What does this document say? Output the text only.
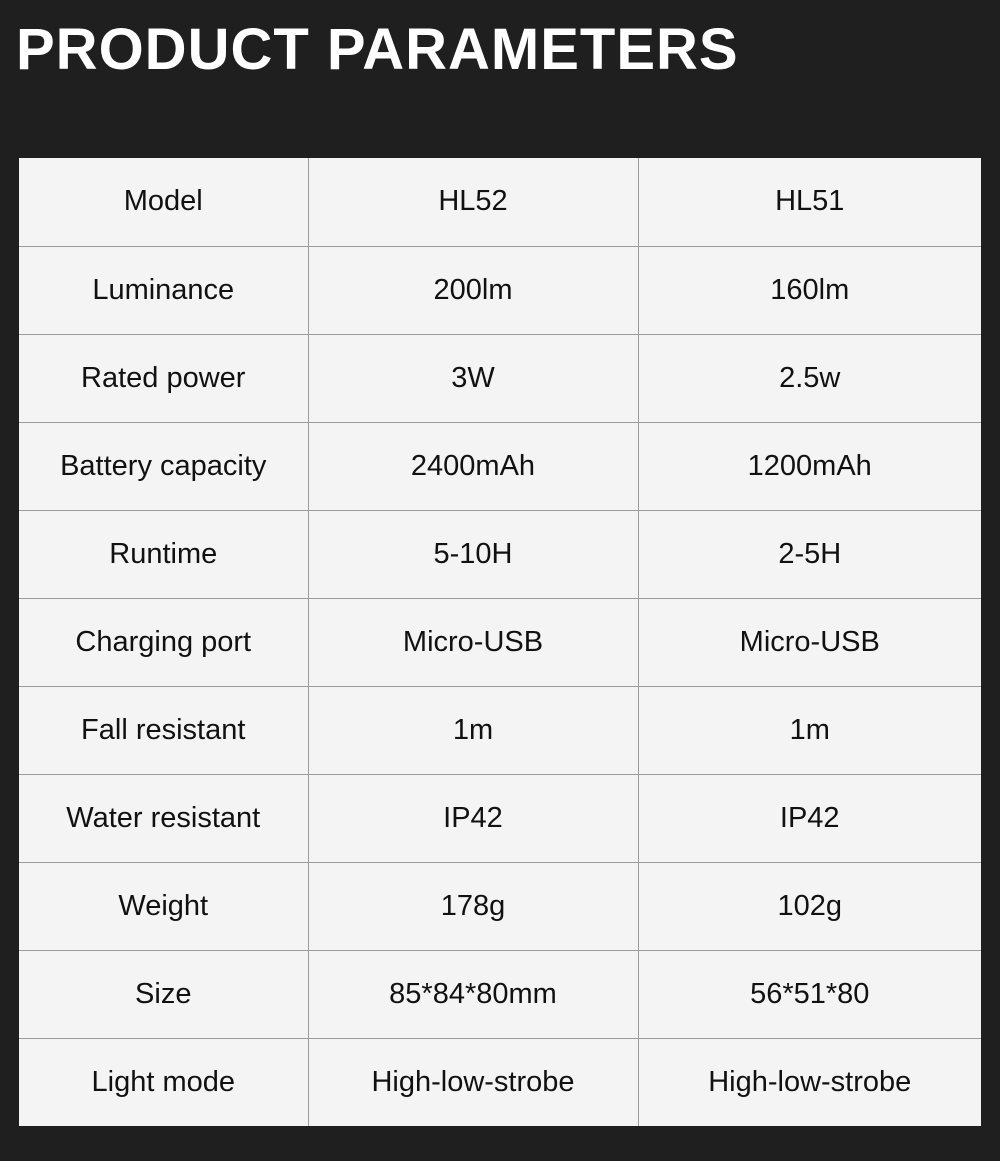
PRODUCT PARAMETERS
Model	HL52	HL51
Luminance	200lm	160lm
Rated power	3W	2.5w
Battery capacity	2400mAh	1200mAh
Runtime	5-10H	2-5H
Charging port	Micro-USB	Micro-USB
Fall resistant	1m	1m
Water resistant	IP42	IP42
Weight	178g	102g
Size	85*84*80mm	56*51*80
Light mode	High-low-strobe	High-low-strobe
